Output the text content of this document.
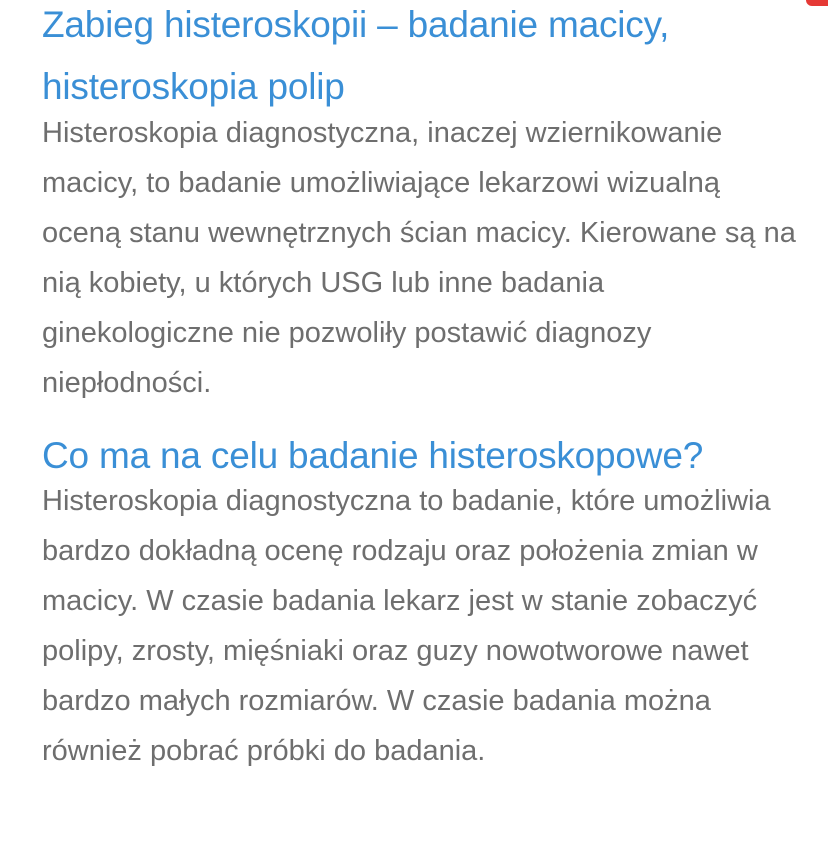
Zabieg histeroskopii – badanie macicy, histeroskopia polip

Histeroskopia diagnostyczna, inaczej wziernikowanie macicy, to badanie umożliwiające lekarzowi wizualną oceną stanu wewnętrznych ścian macicy. Kierowane są na nią kobiety, u których USG lub inne badania ginekologiczne nie pozwoliły postawić diagnozy niepłodności.

Co ma na celu badanie histeroskopowe?

Histeroskopia diagnostyczna to badanie, które umożliwia bardzo dokładną ocenę rodzaju oraz położenia zmian w macicy. W czasie badania lekarz jest w stanie zobaczyć polipy, zrosty, mięśniaki oraz guzy nowotworowe nawet bardzo małych rozmiarów. W czasie badania można również pobrać próbki do badania.
